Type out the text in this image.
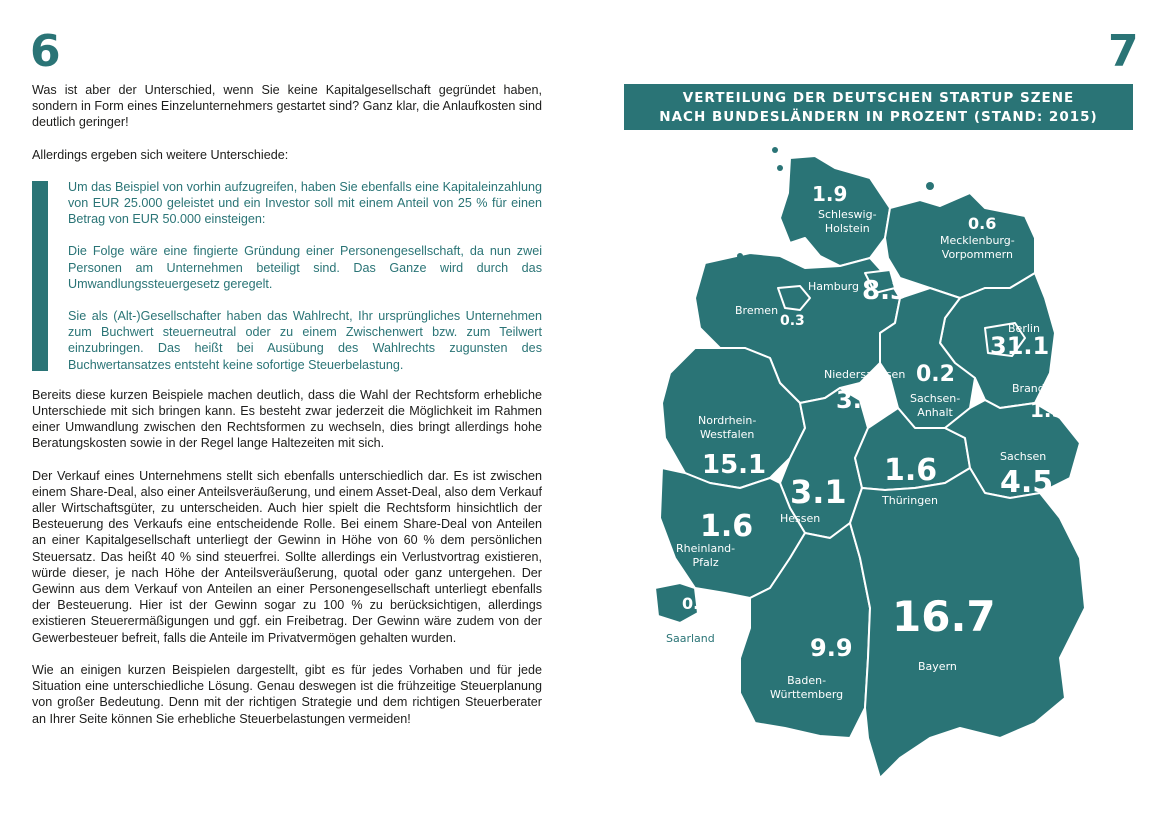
6	7

Was ist aber der Unterschied, wenn Sie keine Kapitalgesellschaft gegründet haben, sondern in Form eines Einzelunternehmers gestartet sind? Ganz klar, die Anlaufkosten sind deutlich geringer!

Allerdings ergeben sich weitere Unterschiede:

Um das Beispiel von vorhin aufzugreifen, haben Sie ebenfalls eine Kapitaleinzahlung von EUR 25.000 geleistet und ein Investor soll mit einem Anteil von 25 % für einen Betrag von EUR 50.000 einsteigen:

Die Folge wäre eine fingierte Gründung einer Personengesellschaft, da nun zwei Personen am Unternehmen beteiligt sind. Das Ganze wird durch das Umwandlungssteuergesetz geregelt.

Sie als (Alt-)Gesellschafter haben das Wahlrecht, Ihr ursprüngliches Unternehmen zum Buchwert steuerneutral oder zu einem Zwischenwert bzw. zum Teilwert einzubringen. Das heißt bei Ausübung des Wahlrechts zugunsten des Buchwertansatzes entsteht keine sofortige Steuerbelastung.

Bereits diese kurzen Beispiele machen deutlich, dass die Wahl der Rechtsform erhebliche Unterschiede mit sich bringen kann. Es besteht zwar jederzeit die Möglichkeit im Rahmen einer Umwandlung zwischen den Rechtsformen zu wechseln, dies bringt allerdings hohe Beratungskosten sowie in der Regel lange Haltezeiten mit sich.

Der Verkauf eines Unternehmens stellt sich ebenfalls unterschiedlich dar. Es ist zwischen einem Share-Deal, also einer Anteilsveräußerung, und einem Asset-Deal, also dem Verkauf aller Wirtschaftsgüter, zu unterscheiden. Auch hier spielt die Rechtsform hinsichtlich der Besteuerung des Verkaufs eine entscheidende Rolle. Bei einem Share-Deal von Anteilen an einer Kapitalgesellschaft unterliegt der Gewinn in Höhe von 60 % dem persönlichen Steuersatz. Das heißt 40 % sind steuerfrei. Sollte allerdings ein Verlustvortrag existieren, würde dieser, je nach Höhe der Anteilsveräußerung, quotal oder ganz untergehen. Der Gewinn aus dem Verkauf von Anteilen an einer Personengesellschaft unterliegt ebenfalls der Besteuerung. Hier ist der Gewinn sogar zu 100 % zu berücksichtigen, allerdings existieren Steuerermäßigungen und ggf. ein Freibetrag. Der Gewinn wäre zudem von der Gewerbesteuer befreit, falls die Anteile im Privatvermögen gehalten wurden.

Wie an einigen kurzen Beispielen dargestellt, gibt es für jedes Vorhaben und für jede Situation eine unterschiedliche Lösung. Genau deswegen ist die frühzeitige Steuerplanung von großer Bedeutung. Denn mit der richtigen Strategie und dem richtigen Steuerberater an Ihrer Seite können Sie erhebliche Steuerbelastungen vermeiden!

VERTEILUNG DER DEUTSCHEN STARTUP SZENE
NACH BUNDESLÄNDERN IN PROZENT (STAND: 2015)
1.9
Schleswig-
Holstein	0.6
Mecklenburg-
Vorpommern
Hamburg 8.3
Bremen
0.3	Berlin
31.1
Niedersachsen
3.3
0.2
Sachsen-
Anhalt
Brandenburg
1.5
Nordrhein-
Westfalen
15.1	Sachsen
4.5
1.6
Thüringen
3.1
Hessen
1.6
Rheinland-
Pfalz
0.4
Saarland	16.7
Bayern
9.9
Baden-
Württemberg
